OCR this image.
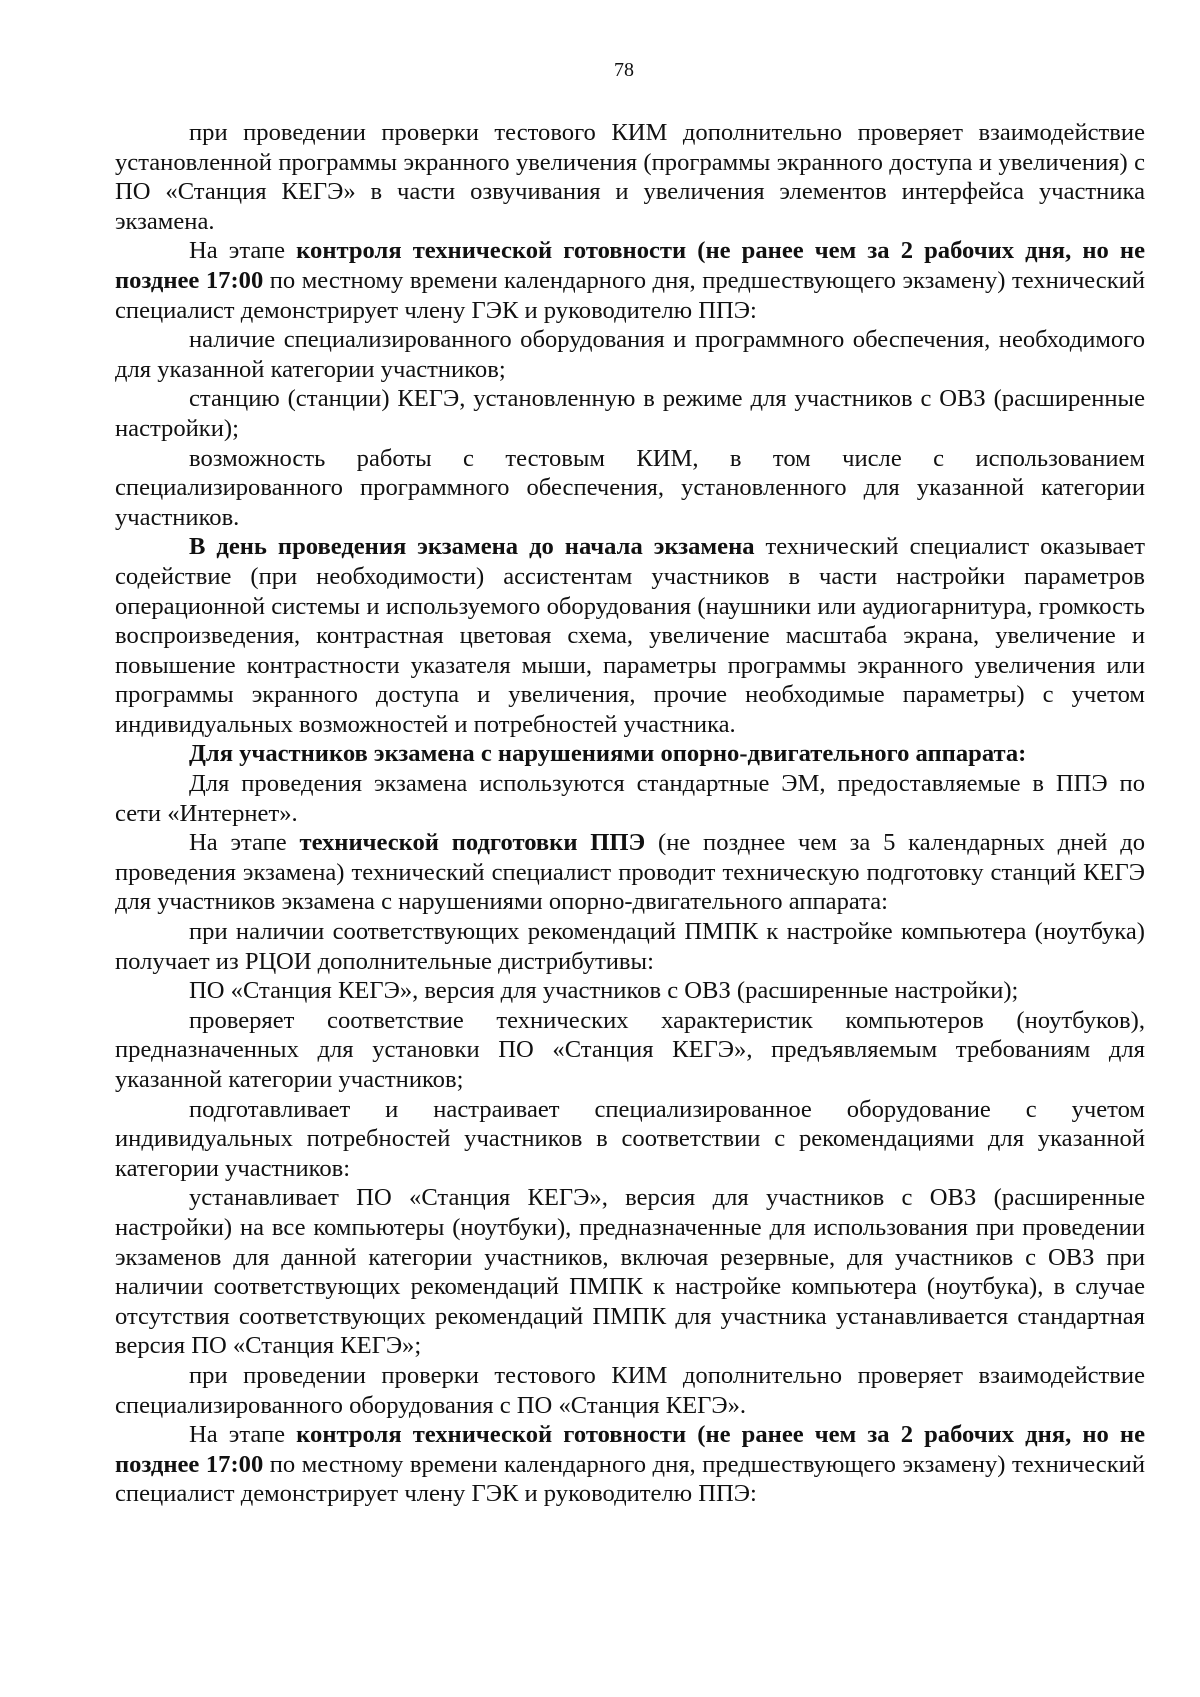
78

при проведении проверки тестового КИМ дополнительно проверяет взаимодействие установленной программы экранного увеличения (программы экранного доступа и увеличения) с ПО «Станция КЕГЭ» в части озвучивания и увеличения элементов интерфейса участника экзамена.

На этапе контроля технической готовности (не ранее чем за 2 рабочих дня, но не позднее 17:00 по местному времени календарного дня, предшествующего экзамену) технический специалист демонстрирует члену ГЭК и руководителю ППЭ:

наличие специализированного оборудования и программного обеспечения, необходимого для указанной категории участников;

станцию (станции) КЕГЭ, установленную в режиме для участников с ОВЗ (расширенные настройки);

возможность работы с тестовым КИМ, в том числе с использованием специализированного программного обеспечения, установленного для указанной категории участников.

В день проведения экзамена до начала экзамена технический специалист оказывает содействие (при необходимости) ассистентам участников в части настройки параметров операционной системы и используемого оборудования (наушники или аудиогарнитура, громкость воспроизведения, контрастная цветовая схема, увеличение масштаба экрана, увеличение и повышение контрастности указателя мыши, параметры программы экранного увеличения или программы экранного доступа и увеличения, прочие необходимые параметры) с учетом индивидуальных возможностей и потребностей участника.

Для участников экзамена с нарушениями опорно-двигательного аппарата:

Для проведения экзамена используются стандартные ЭМ, предоставляемые в ППЭ по сети «Интернет».

На этапе технической подготовки ППЭ (не позднее чем за 5 календарных дней до проведения экзамена) технический специалист проводит техническую подготовку станций КЕГЭ для участников экзамена с нарушениями опорно-двигательного аппарата:

при наличии соответствующих рекомендаций ПМПК к настройке компьютера (ноутбука) получает из РЦОИ дополнительные дистрибутивы:

ПО «Станция КЕГЭ», версия для участников с ОВЗ (расширенные настройки);

проверяет соответствие технических характеристик компьютеров (ноутбуков), предназначенных для установки ПО «Станция КЕГЭ», предъявляемым требованиям для указанной категории участников;

подготавливает и настраивает специализированное оборудование с учетом индивидуальных потребностей участников в соответствии с рекомендациями для указанной категории участников:

устанавливает ПО «Станция КЕГЭ», версия для участников с ОВЗ (расширенные настройки) на все компьютеры (ноутбуки), предназначенные для использования при проведении экзаменов для данной категории участников, включая резервные, для участников с ОВЗ при наличии соответствующих рекомендаций ПМПК к настройке компьютера (ноутбука), в случае отсутствия соответствующих рекомендаций ПМПК для участника устанавливается стандартная версия ПО «Станция КЕГЭ»;

при проведении проверки тестового КИМ дополнительно проверяет взаимодействие специализированного оборудования с ПО «Станция КЕГЭ».

На этапе контроля технической готовности (не ранее чем за 2 рабочих дня, но не позднее 17:00 по местному времени календарного дня, предшествующего экзамену) технический специалист демонстрирует члену ГЭК и руководителю ППЭ:
